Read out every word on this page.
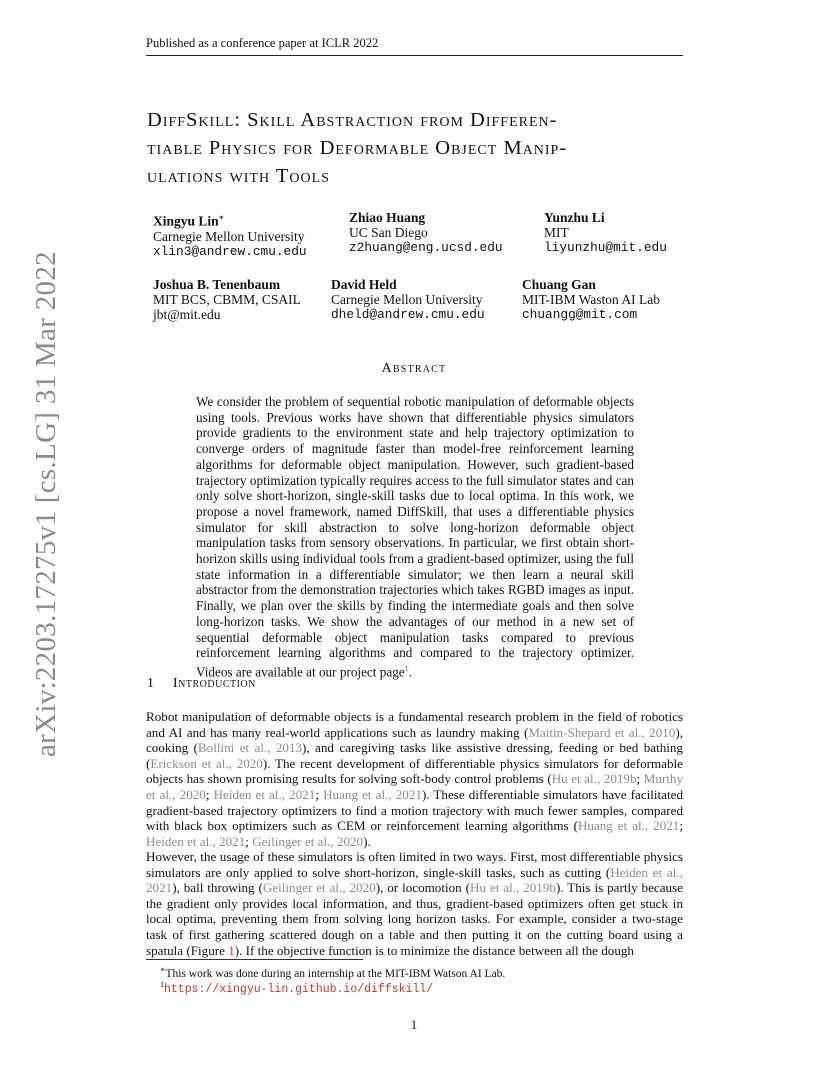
Published as a conference paper at ICLR 2022
arXiv:2203.17275v1 [cs.LG] 31 Mar 2022
DiffSkill: Skill Abstraction from Differen-
tiable Physics for Deformable Object Manip-
ulations with Tools
Xingyu Lin∗
Carnegie Mellon University
xlin3@andrew.cmu.edu
Zhiao Huang
UC San Diego
z2huang@eng.ucsd.edu
Yunzhu Li
MIT
liyunzhu@mit.edu
Joshua B. Tenenbaum
MIT BCS, CBMM, CSAIL
jbt@mit.edu
David Held
Carnegie Mellon University
dheld@andrew.cmu.edu
Chuang Gan
MIT-IBM Waston AI Lab
chuangg@mit.com
Abstract
We consider the problem of sequential robotic manipulation of deformable objects using tools. Previous works have shown that differentiable physics simulators provide gradients to the environment state and help trajectory optimization to converge orders of magnitude faster than model-free reinforcement learning algorithms for deformable object manipulation. However, such gradient-based trajectory optimization typically requires access to the full simulator states and can only solve short-horizon, single-skill tasks due to local optima. In this work, we propose a novel framework, named DiffSkill, that uses a differentiable physics simulator for skill abstraction to solve long-horizon deformable object manipulation tasks from sensory observations. In particular, we first obtain short-horizon skills using individual tools from a gradient-based optimizer, using the full state information in a differentiable simulator; we then learn a neural skill abstractor from the demonstration trajectories which takes RGBD images as input. Finally, we plan over the skills by finding the intermediate goals and then solve long-horizon tasks. We show the advantages of our method in a new set of sequential deformable object manipulation tasks compared to previous reinforcement learning algorithms and compared to the trajectory optimizer. Videos are available at our project page$^1$.
1 Introduction
Robot manipulation of deformable objects is a fundamental research problem in the field of robotics and AI and has many real-world applications such as laundry making (Maitin-Shepard et al., 2010), cooking (Bollini et al., 2013), and caregiving tasks like assistive dressing, feeding or bed bathing (Erickson et al., 2020). The recent development of differentiable physics simulators for deformable objects has shown promising results for solving soft-body control problems (Hu et al., 2019b; Murthy et al., 2020; Heiden et al., 2021; Huang et al., 2021). These differentiable simulators have facilitated gradient-based trajectory optimizers to find a motion trajectory with much fewer samples, compared with black box optimizers such as CEM or reinforcement learning algorithms (Huang et al., 2021; Heiden et al., 2021; Geilinger et al., 2020).
However, the usage of these simulators is often limited in two ways. First, most differentiable physics simulators are only applied to solve short-horizon, single-skill tasks, such as cutting (Heiden et al., 2021), ball throwing (Geilinger et al., 2020), or locomotion (Hu et al., 2019b). This is partly because the gradient only provides local information, and thus, gradient-based optimizers often get stuck in local optima, preventing them from solving long horizon tasks. For example, consider a two-stage task of first gathering scattered dough on a table and then putting it on the cutting board using a spatula (Figure 1). If the objective function is to minimize the distance between all the dough
∗This work was done during an internship at the MIT-IBM Watson AI Lab.
$^1$https://xingyu-lin.github.io/diffskill/
1
